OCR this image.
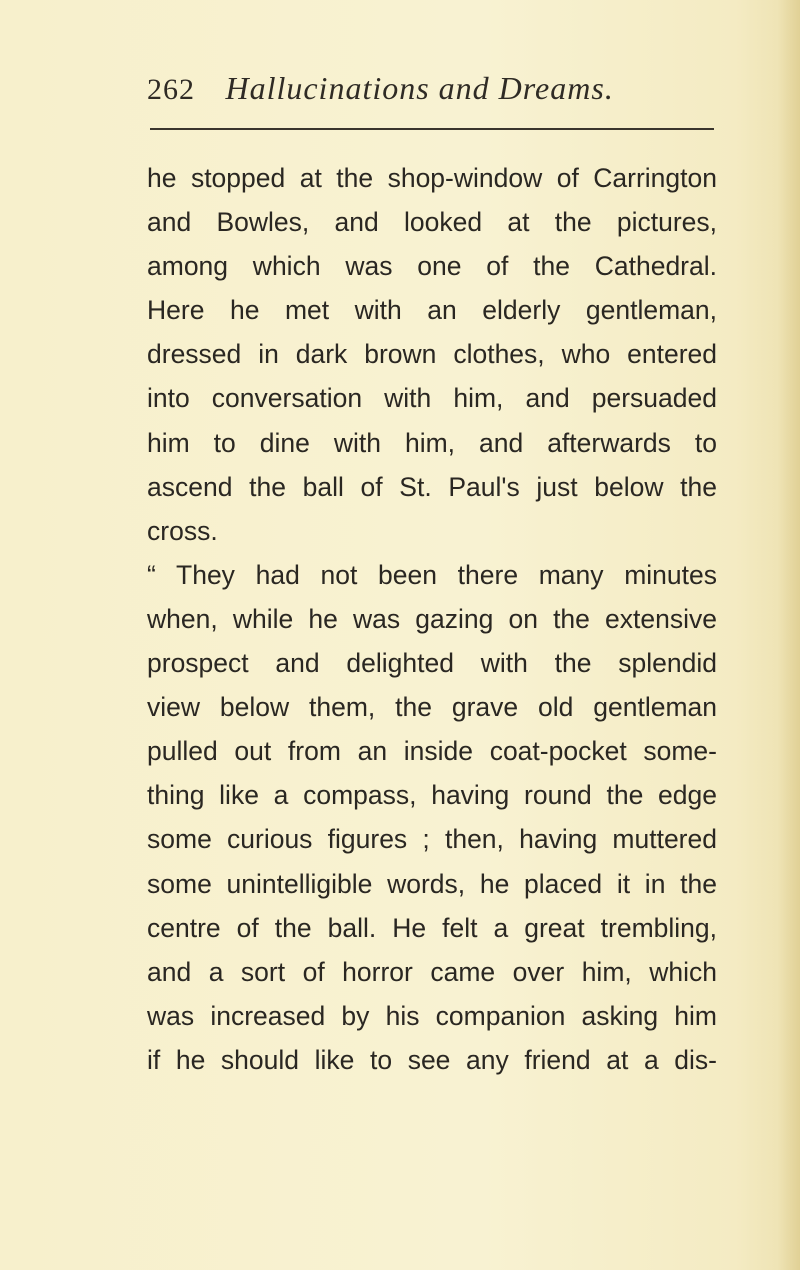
262 Hallucinations and Dreams.
he stopped at the shop-window of Carrington
and Bowles, and looked at the pictures,
among which was one of the Cathedral.
Here he met with an elderly gentleman,
dressed in dark brown clothes, who entered
into conversation with him, and persuaded
him to dine with him, and afterwards to
ascend the ball of St. Paul's just below the
cross.
“ They had not been there many minutes
when, while he was gazing on the extensive
prospect and delighted with the splendid
view below them, the grave old gentleman
pulled out from an inside coat-pocket some-
thing like a compass, having round the edge
some curious figures ; then, having muttered
some unintelligible words, he placed it in the
centre of the ball. He felt a great trembling,
and a sort of horror came over him, which
was increased by his companion asking him
if he should like to see any friend at a dis-
